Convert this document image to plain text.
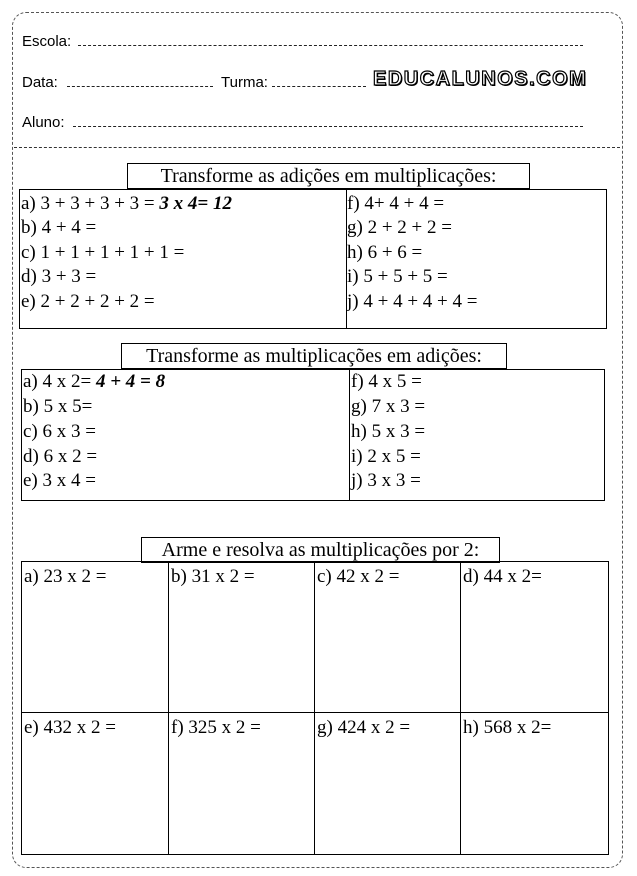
Escola:
Data:	Turma:	EDUCALUNOS.COM
Aluno:
Transforme as adições em multiplicações:
a) 3 + 3 + 3 + 3 = 3 x 4= 12
b) 4 + 4 =
c) 1 + 1 + 1 + 1 + 1 =
d) 3 + 3 =
e) 2 + 2 + 2 + 2 =
f) 4+ 4 + 4 =
g) 2 + 2 + 2 =
h) 6 + 6 =
i) 5 + 5 + 5 =
j) 4 + 4 + 4 + 4 =
Transforme as multiplicações em adições:
a) 4 x 2= 4 + 4 = 8
b) 5 x 5=
c) 6 x 3 =
d) 6 x 2 =
e) 3 x 4 =
f) 4 x 5 =
g) 7 x 3 =
h) 5 x 3 =
i) 2 x 5 =
j) 3 x 3 =
Arme e resolva as multiplicações por 2:
a) 23 x 2 =	b) 31 x 2 =	c) 42 x 2 =	d) 44 x 2=
e) 432 x 2 =	f) 325 x 2 =	g) 424 x 2 =	h) 568 x 2=
